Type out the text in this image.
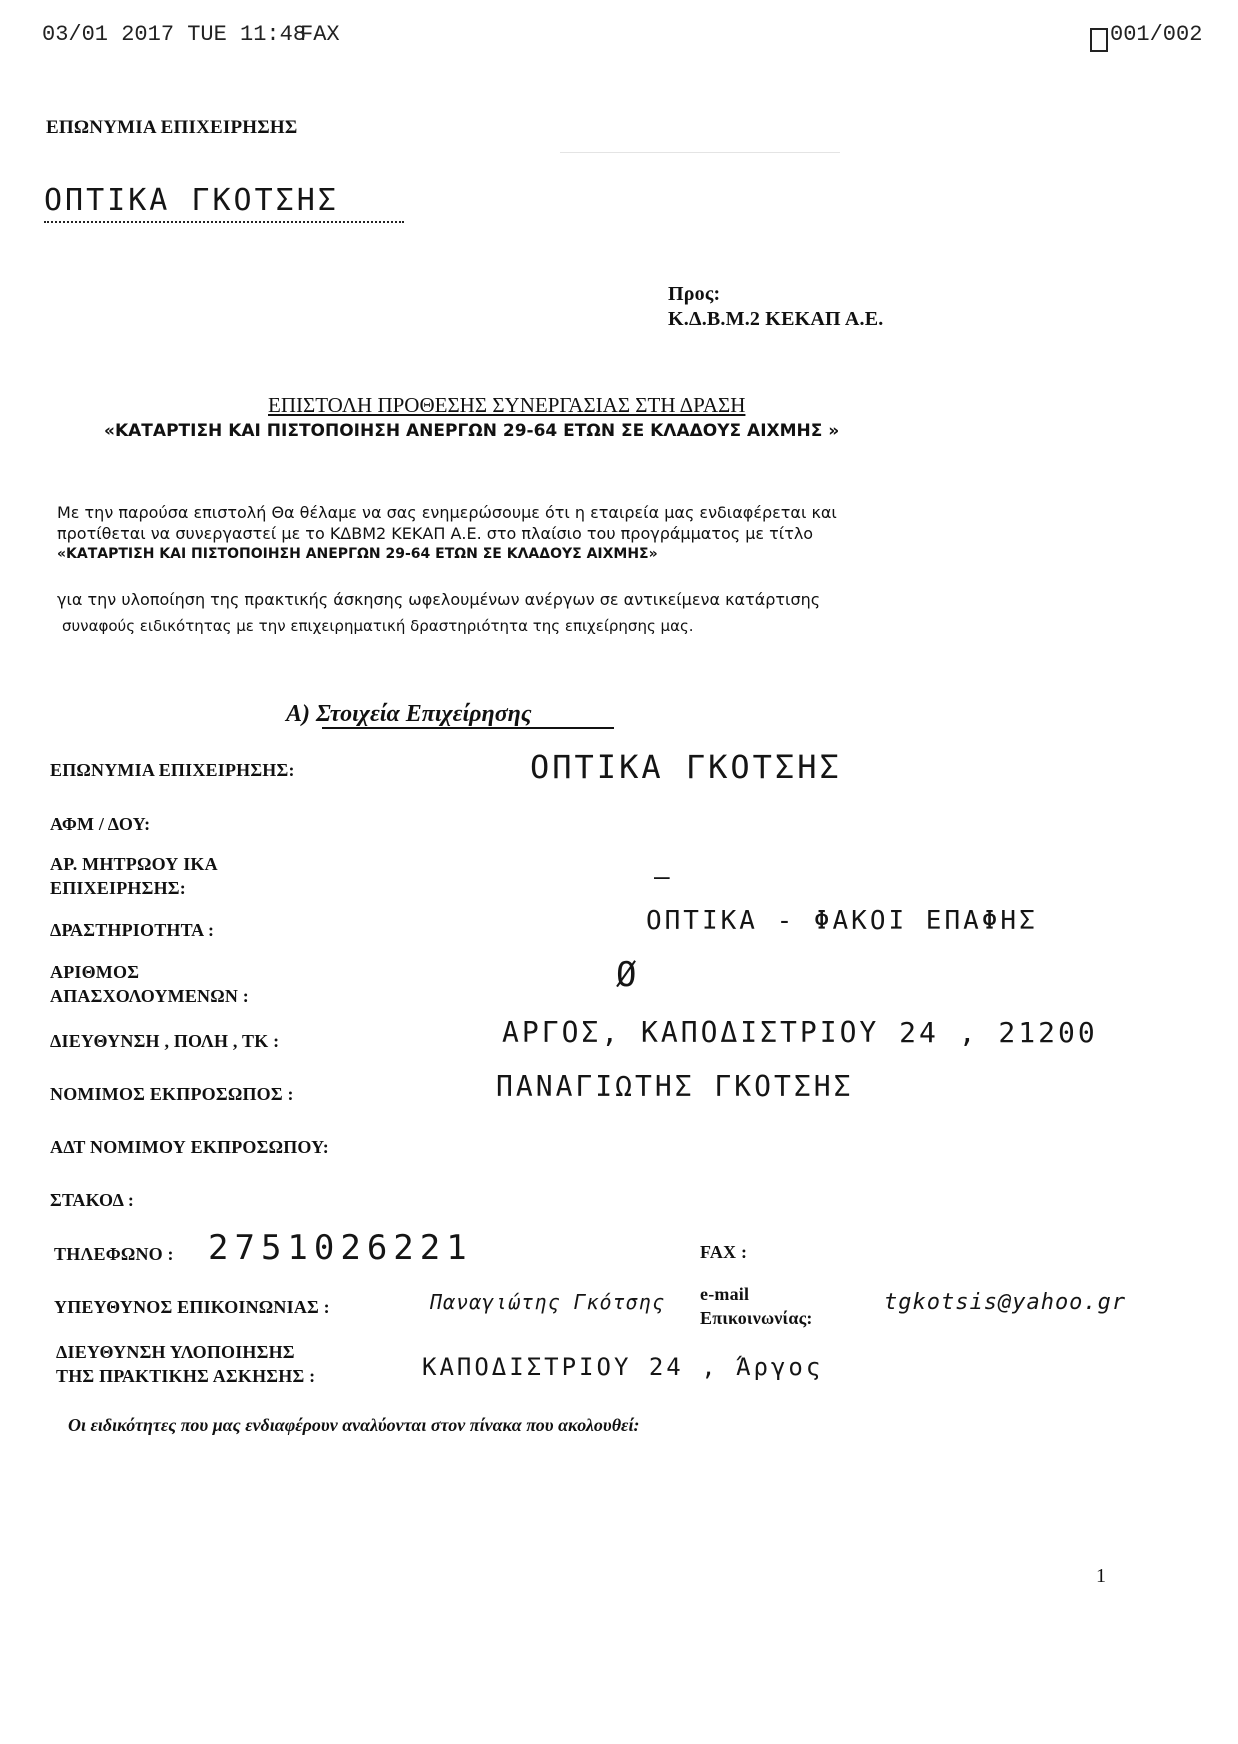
03/01 2017 TUE 11:48
FAX	001/002
ΕΠΩΝΥΜΙΑ ΕΠΙΧΕΙΡΗΣΗΣ
ΟΠΤΙΚΑ ΓΚΟΤΣΗΣ
Προς:
Κ.Δ.Β.Μ.2 ΚΕΚΑΠ Α.Ε.
ΕΠΙΣΤΟΛΗ ΠΡΟΘΕΣΗΣ ΣΥΝΕΡΓΑΣΙΑΣ ΣΤΗ ΔΡΑΣΗ
«ΚΑΤΑΡΤΙΣΗ ΚΑΙ ΠΙΣΤΟΠΟΙΗΣΗ ΑΝΕΡΓΩΝ 29-64 ΕΤΩΝ ΣΕ ΚΛΑΔΟΥΣ ΑΙΧΜΗΣ »
Με την παρούσα επιστολή Θα θέλαμε να σας ενημερώσουμε ότι η εταιρεία μας ενδιαφέρεται και
προτίθεται να συνεργαστεί με το ΚΔΒΜ2 ΚΕΚΑΠ Α.Ε. στο πλαίσιο του προγράμματος με τίτλο
«ΚΑΤΑΡΤΙΣΗ ΚΑΙ ΠΙΣΤΟΠΟΙΗΣΗ ΑΝΕΡΓΩΝ 29-64 ΕΤΩΝ ΣΕ ΚΛΑΔΟΥΣ ΑΙΧΜΗΣ»
για την υλοποίηση της πρακτικής άσκησης ωφελουμένων ανέργων σε αντικείμενα κατάρτισης
συναφούς ειδικότητας με την επιχειρηματική δραστηριότητα της επιχείρησης μας.
Α) Στοιχεία Επιχείρησης
ΕΠΩΝΥΜΙΑ ΕΠΙΧΕΙΡΗΣΗΣ:	ΟΠΤΙΚΑ ΓΚΟΤΣΗΣ
ΑΦΜ / ΔΟΥ:
ΑΡ. ΜΗΤΡΩΟΥ ΙΚΑ
ΕΠΙΧΕΙΡΗΣΗΣ:	—
ΔΡΑΣΤΗΡΙΟΤΗΤΑ :	ΟΠΤΙΚΑ - ΦΑΚΟΙ ΕΠΑΦΗΣ
ΑΡΙΘΜΟΣ
ΑΠΑΣΧΟΛΟΥΜΕΝΩΝ :
Ø
ΔΙΕΥΘΥΝΣΗ , ΠΟΛΗ , ΤΚ :	ΑΡΓΟΣ, ΚΑΠΟΔΙΣΤΡΙΟΥ 24 , 21200
ΝΟΜΙΜΟΣ ΕΚΠΡΟΣΩΠΟΣ :	ΠΑΝΑΓΙΩΤΗΣ ΓΚΟΤΣΗΣ
ΑΔΤ ΝΟΜΙΜΟΥ ΕΚΠΡΟΣΩΠΟΥ:
ΣΤΑΚΟΔ :
ΤΗΛΕΦΩΝΟ : 2751026221	FAX :
ΥΠΕΥΘΥΝΟΣ ΕΠΙΚΟΙΝΩΝΙΑΣ :	Παναγιώτης Γκότσης e-mail
Επικοινωνίας:
tgkotsis@yahoo.gr
ΔΙΕΥΘΥΝΣΗ ΥΛΟΠΟΙΗΣΗΣ
ΤΗΣ ΠΡΑΚΤΙΚΗΣ ΑΣΚΗΣΗΣ :	ΚΑΠΟΔΙΣΤΡΙΟΥ 24 , Άργος
Οι ειδικότητες που μας ενδιαφέρουν αναλύονται στον πίνακα που ακολουθεί:
1
